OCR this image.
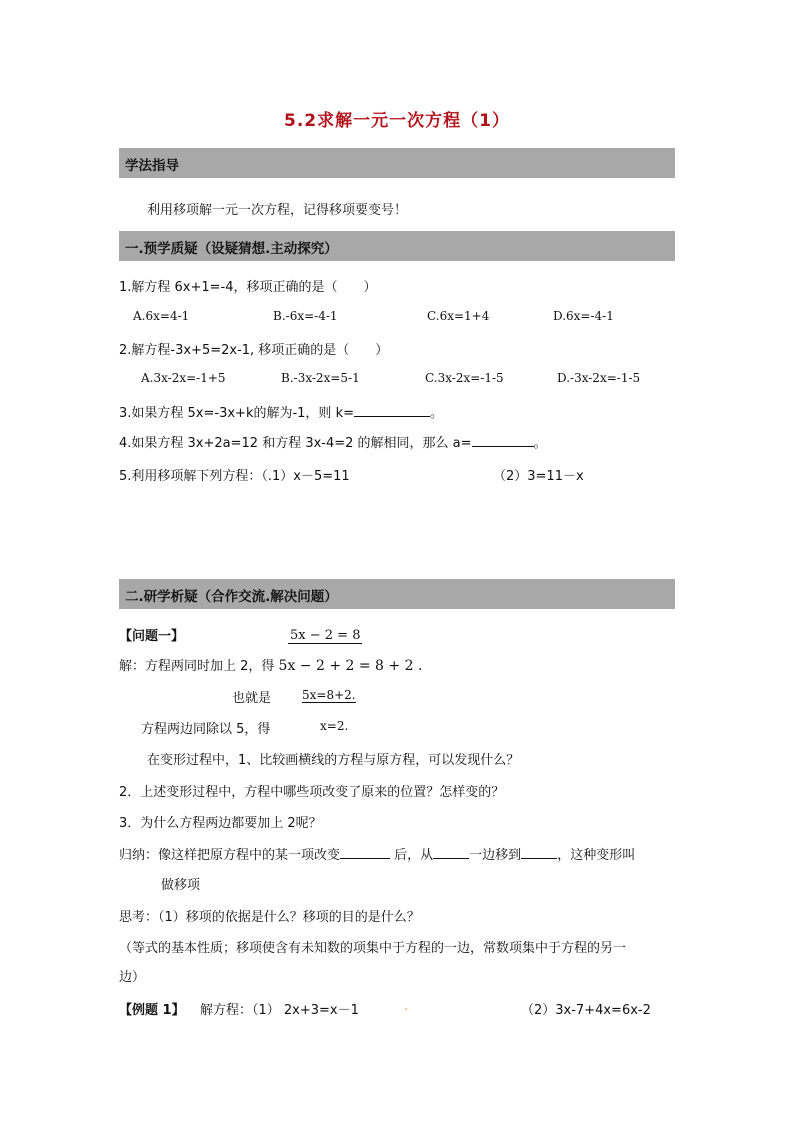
5.2求解一元一次方程（1）
学法指导
利用移项解一元一次方程，记得移项要变号！
一.预学质疑（设疑猜想.主动探究）
1.解方程 6x+1=-4，移项正确的是（　　）
A.6x=4-1	B.-6x=-4-1	C.6x=1+4	D.6x=-4-1
2.解方程-3x+5=2x-1, 移项正确的是（　　）
A.3x-2x=-1+5	B.-3x-2x=5-1	C.3x-2x=-1-5	D.-3x-2x=-1-5
3.如果方程 5x=-3x+k的解为-1，则 k=	。
4.如果方程 3x+2a=12 和方程 3x-4=2 的解相同，那么 a=	。
5.利用移项解下列方程：（.1）x－5=11	（2）3=11－x
二.研学析疑（合作交流.解决问题）
【问题一】	5x − 2 = 8
解：方程两同时加上 2，得 5x − 2 + 2 = 8 + 2 .
也就是	5x=8+2.
方程两边同除以 5，得	x=2.
在变形过程中，1、比较画横线的方程与原方程，可以发现什么？
2．上述变形过程中，方程中哪些项改变了原来的位置？怎样变的？
3．为什么方程两边都要加上 2呢？
归纳：像这样把原方程中的某一项改变	后，从	一边移到	，这种变形叫
做移项
思考：（1）移项的依据是什么？移项的目的是什么？
（等式的基本性质；移项使含有未知数的项集中于方程的一边，常数项集中于方程的另一
边）
【例题 1】 解方程：（1） 2x+3=x－1	.	（2）3x-7+4x=6x-2
